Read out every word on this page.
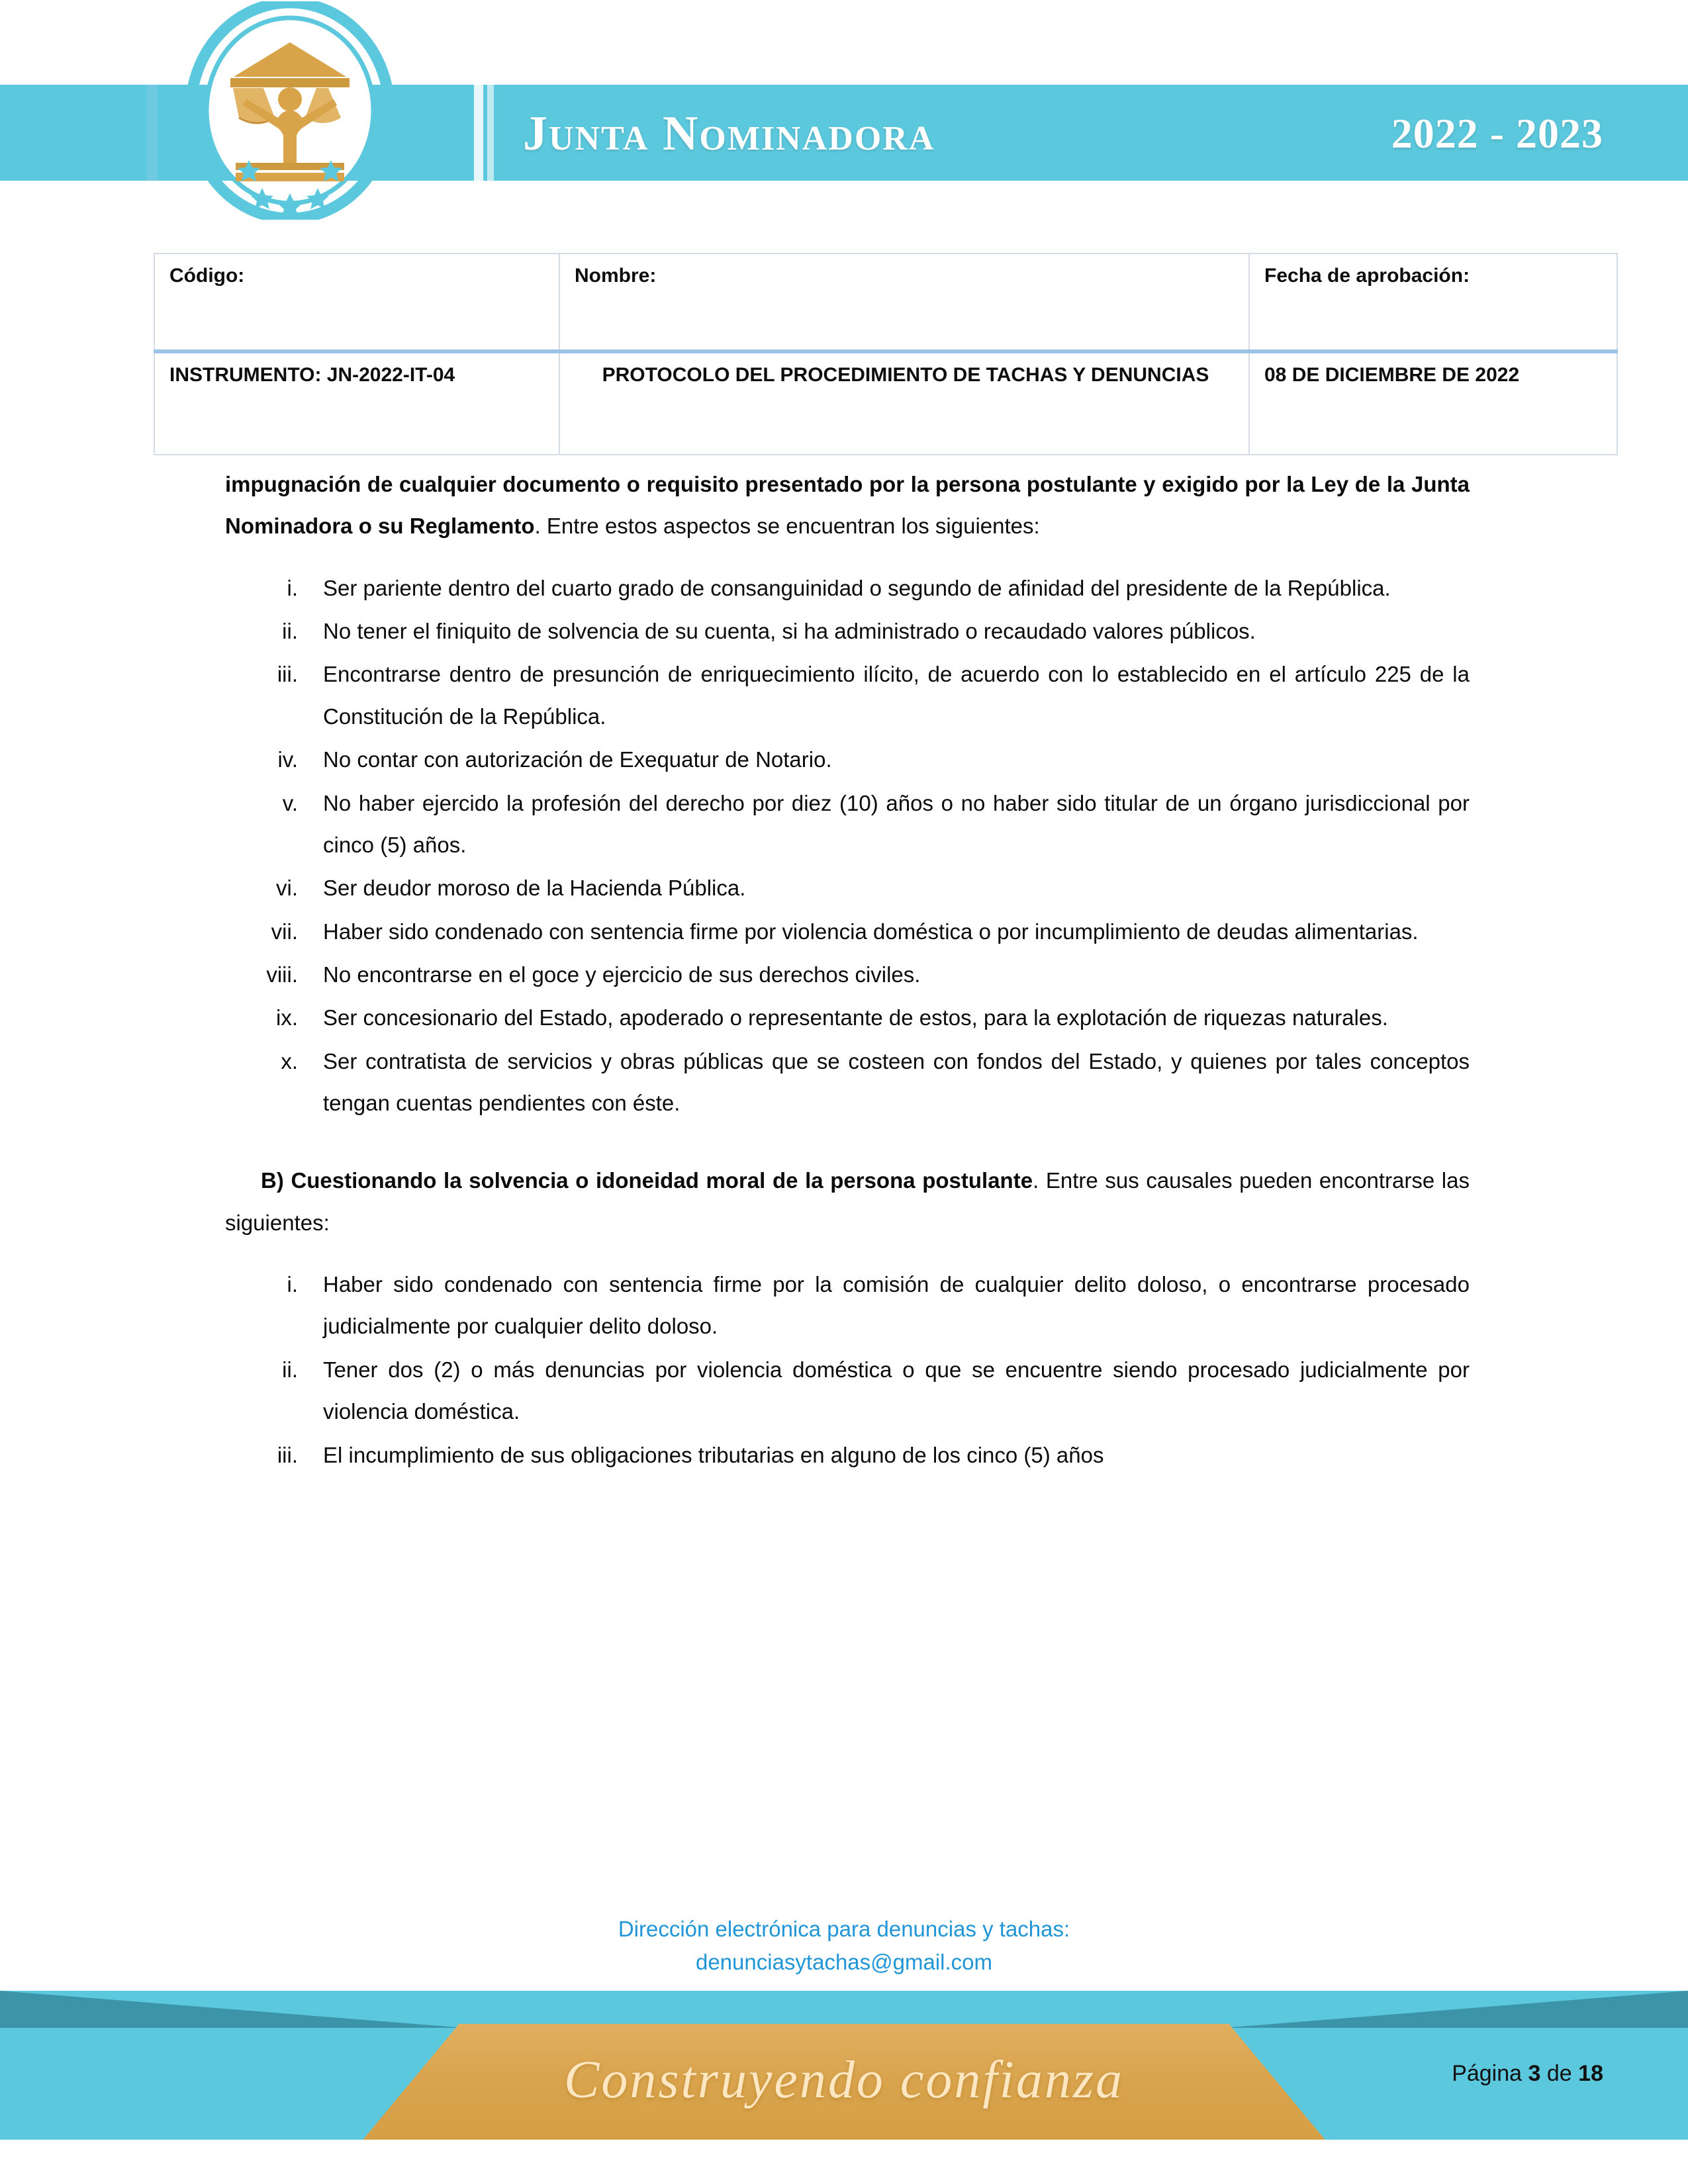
Junta Nominadora	2022 - 2023
Código:	Nombre:	Fecha de aprobación:
INSTRUMENTO: JN-2022-IT-04	PROTOCOLO DEL PROCEDIMIENTO DE TACHAS Y DENUNCIAS	08 DE DICIEMBRE DE 2022

impugnación de cualquier documento o requisito presentado por la persona postulante y exigido por la Ley de la Junta Nominadora o su Reglamento. Entre estos aspectos se encuentran los siguientes:

i. Ser pariente dentro del cuarto grado de consanguinidad o segundo de afinidad del presidente de la República.
ii. No tener el finiquito de solvencia de su cuenta, si ha administrado o recaudado valores públicos.
iii. Encontrarse dentro de presunción de enriquecimiento ilícito, de acuerdo con lo establecido en el artículo 225 de la Constitución de la República.
iv. No contar con autorización de Exequatur de Notario.
v. No haber ejercido la profesión del derecho por diez (10) años o no haber sido titular de un órgano jurisdiccional por cinco (5) años.
vi. Ser deudor moroso de la Hacienda Pública.
vii. Haber sido condenado con sentencia firme por violencia doméstica o por incumplimiento de deudas alimentarias.
viii. No encontrarse en el goce y ejercicio de sus derechos civiles.
ix. Ser concesionario del Estado, apoderado o representante de estos, para la explotación de riquezas naturales.
x. Ser contratista de servicios y obras públicas que se costeen con fondos del Estado, y quienes por tales conceptos tengan cuentas pendientes con éste.

B) Cuestionando la solvencia o idoneidad moral de la persona postulante. Entre sus causales pueden encontrarse las siguientes:

i. Haber sido condenado con sentencia firme por la comisión de cualquier delito doloso, o encontrarse procesado judicialmente por cualquier delito doloso.
ii. Tener dos (2) o más denuncias por violencia doméstica o que se encuentre siendo procesado judicialmente por violencia doméstica.
iii. El incumplimiento de sus obligaciones tributarias en alguno de los cinco (5) años
Dirección electrónica para denuncias y tachas:
denunciasytachas@gmail.com
Construyendo confianza	Página 3 de 18
